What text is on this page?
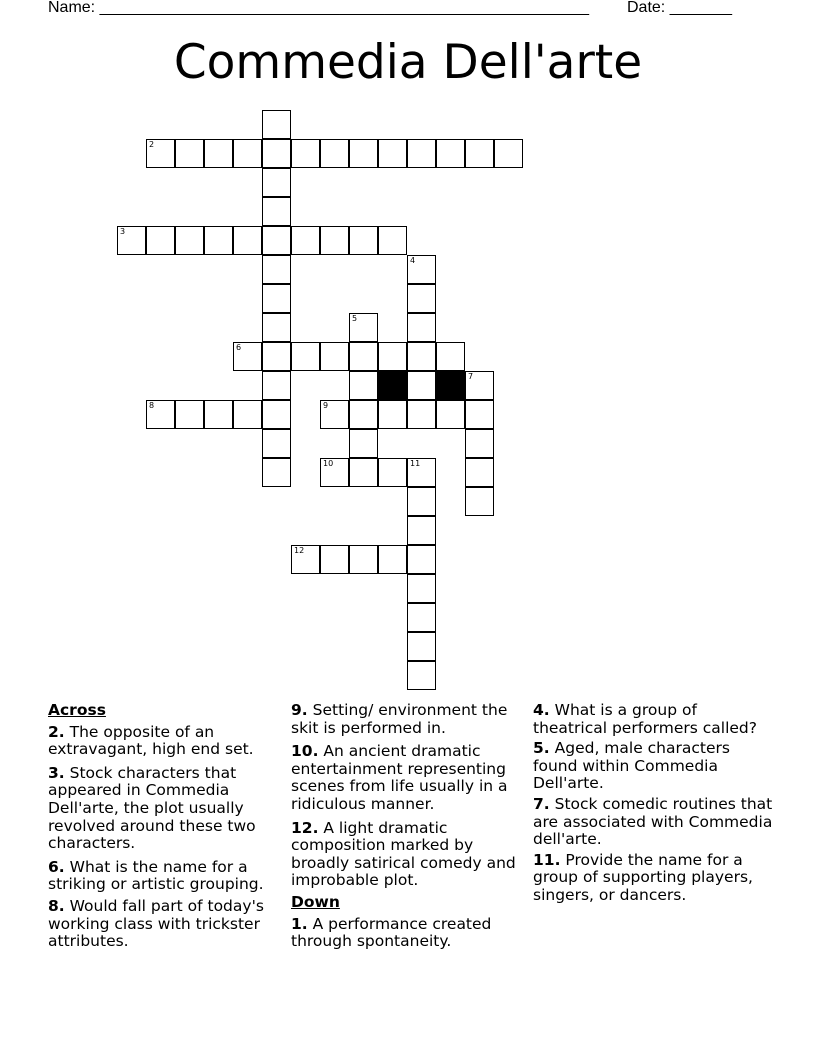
Name: _______________________________________________________ Date: _______
Commedia Dell'arte
2
3
4
5
6
7
8	9
10	11
12
Across
2. The opposite of an extravagant, high end set.
3. Stock characters that appeared in Commedia Dell'arte, the plot usually revolved around these two characters.
6. What is the name for a striking or artistic grouping.
8. Would fall part of today's working class with trickster attributes.
9. Setting/ environment the skit is performed in.
10. An ancient dramatic entertainment representing scenes from life usually in a ridiculous manner.
12. A light dramatic composition marked by broadly satirical comedy and improbable plot.
Down
1. A performance created through spontaneity.
4. What is a group of theatrical performers called?
5. Aged, male characters found within Commedia Dell'arte.
7. Stock comedic routines that are associated with Commedia dell'arte.
11. Provide the name for a group of supporting players, singers, or dancers.
